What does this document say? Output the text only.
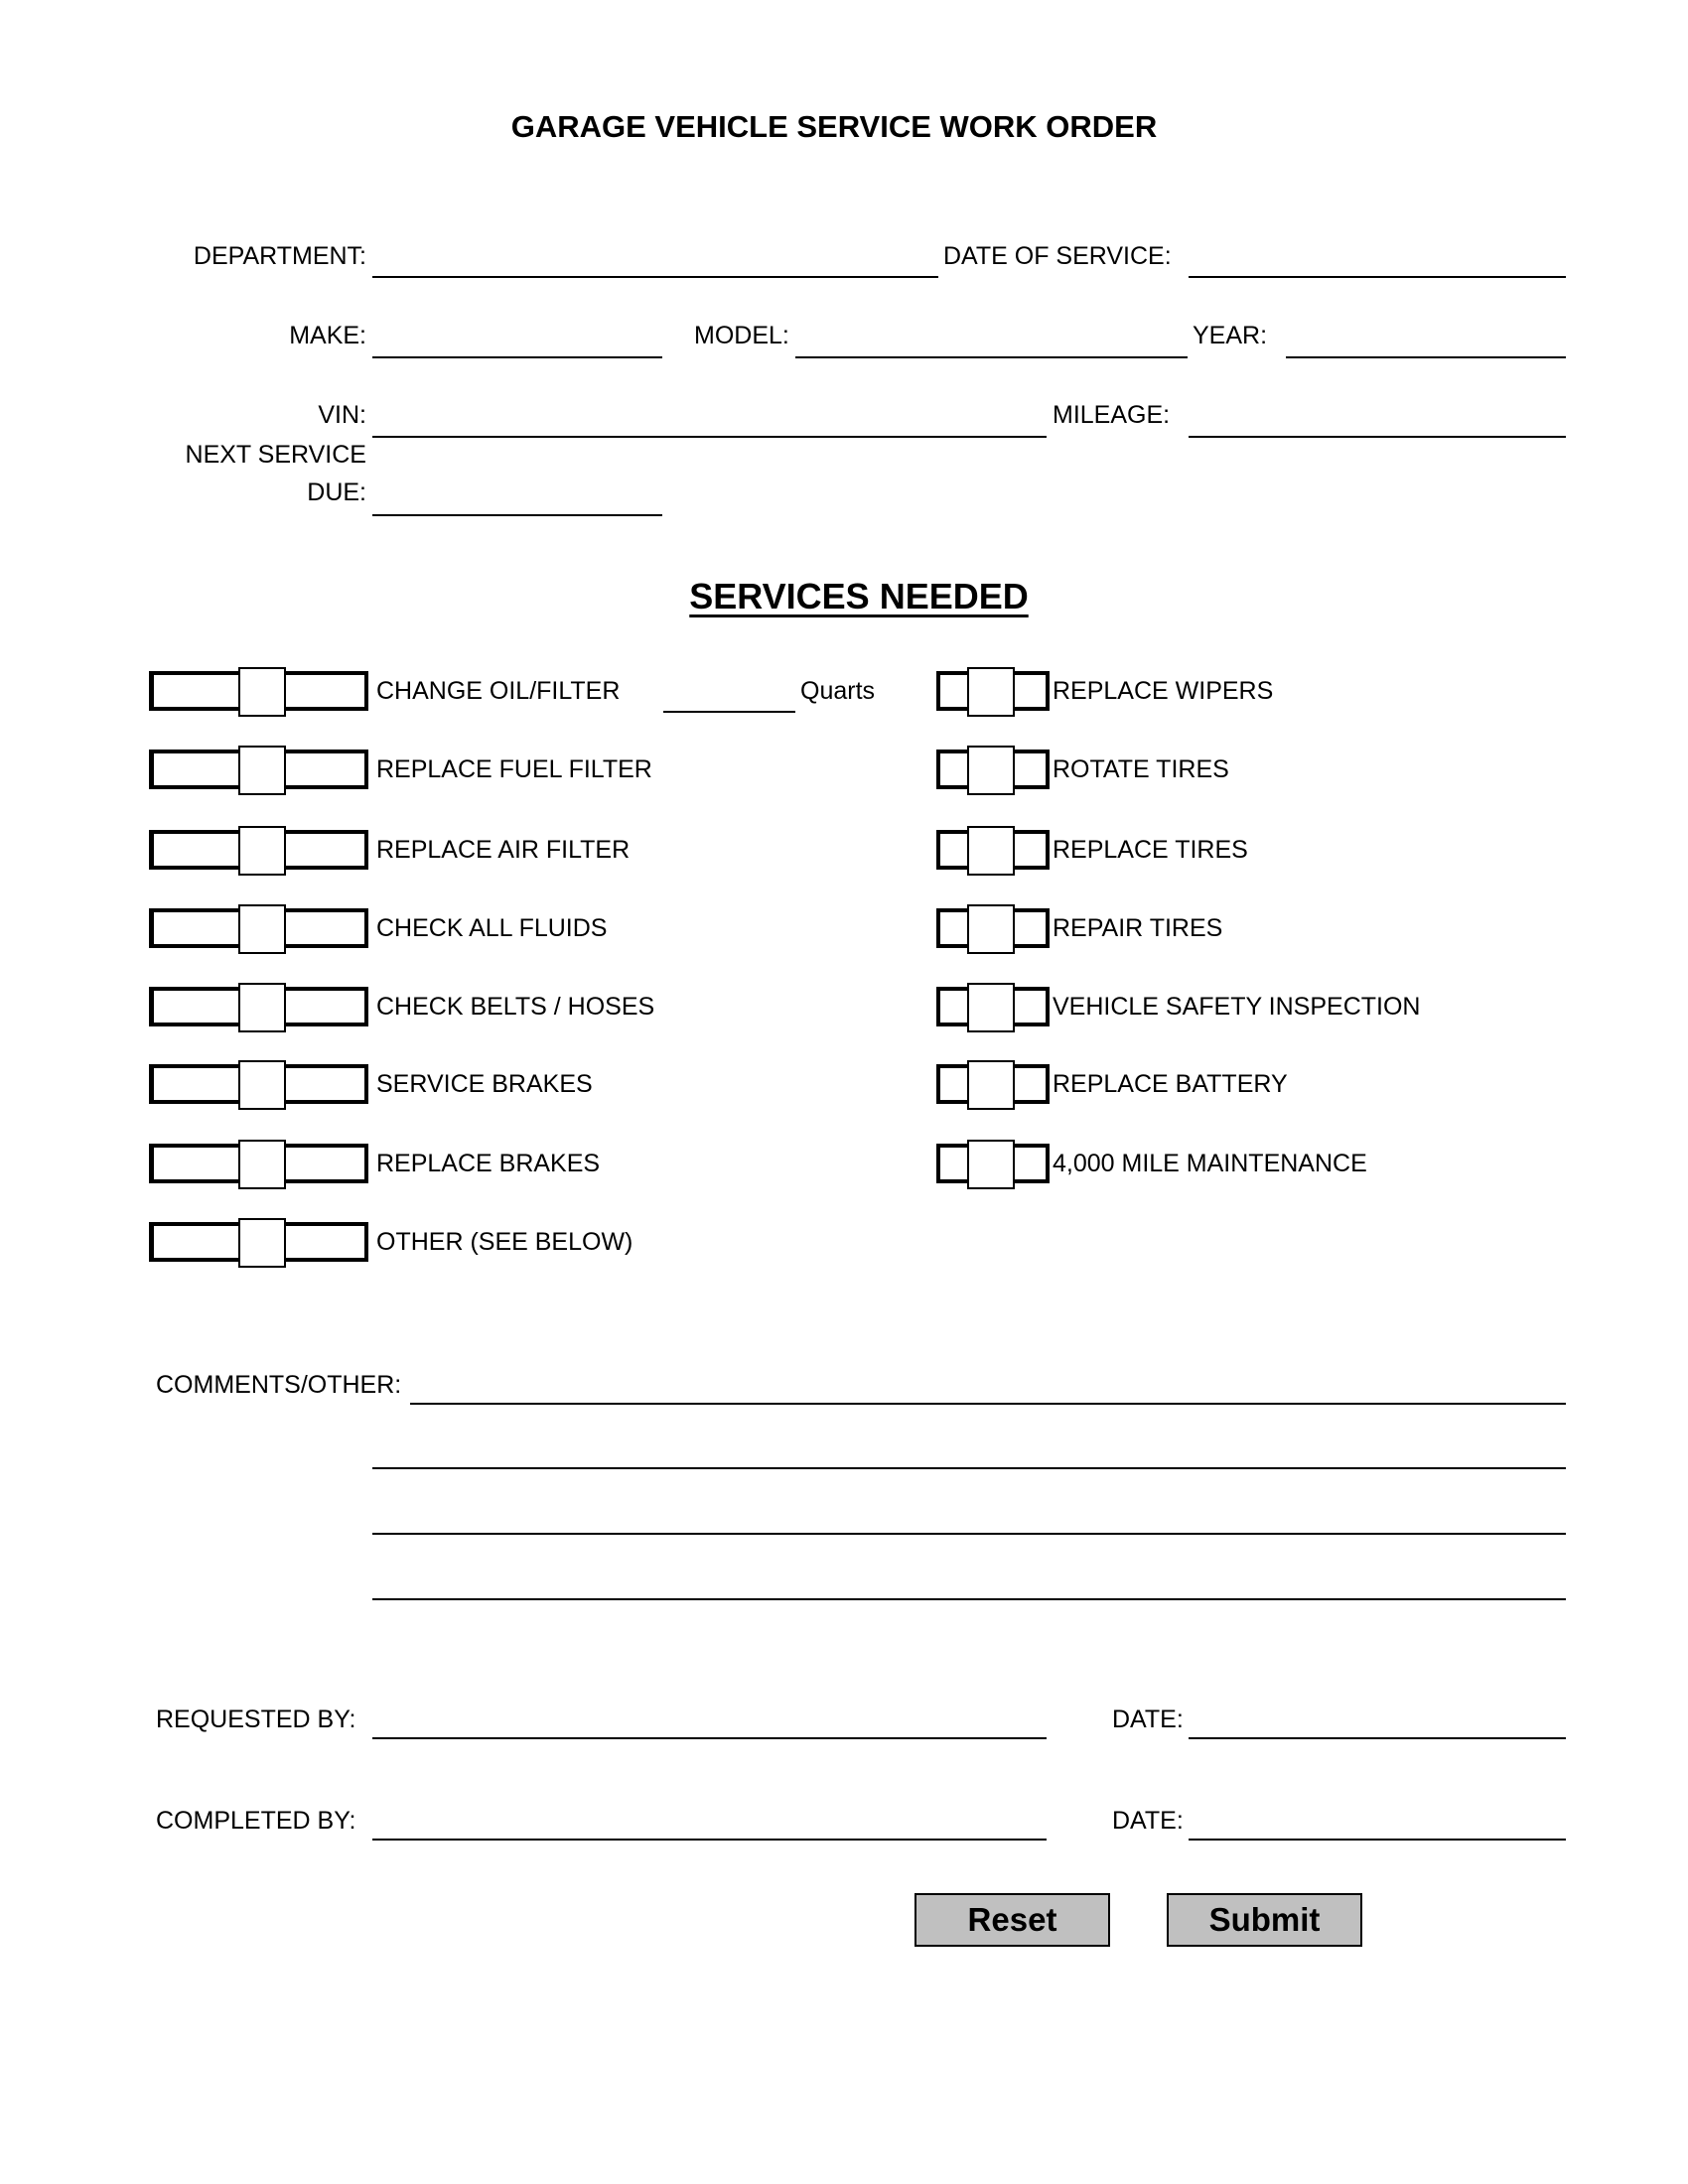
GARAGE VEHICLE SERVICE WORK ORDER
DEPARTMENT:	DATE OF SERVICE:
MAKE:	MODEL:	YEAR:
VIN:	MILEAGE:
NEXT SERVICE
DUE:
SERVICES NEEDED
CHANGE OIL/FILTER
REPLACE FUEL FILTER
REPLACE AIR FILTER
CHECK ALL FLUIDS
CHECK BELTS / HOSES
SERVICE BRAKES
REPLACE BRAKES
OTHER (SEE BELOW)
REPLACE WIPERS
ROTATE TIRES
REPLACE TIRES
REPAIR TIRES
VEHICLE SAFETY INSPECTION
REPLACE BATTERY
4,000 MILE MAINTENANCE
Quarts
COMMENTS/OTHER:
REQUESTED BY:	DATE:
COMPLETED BY:	DATE:
Reset	Submit
